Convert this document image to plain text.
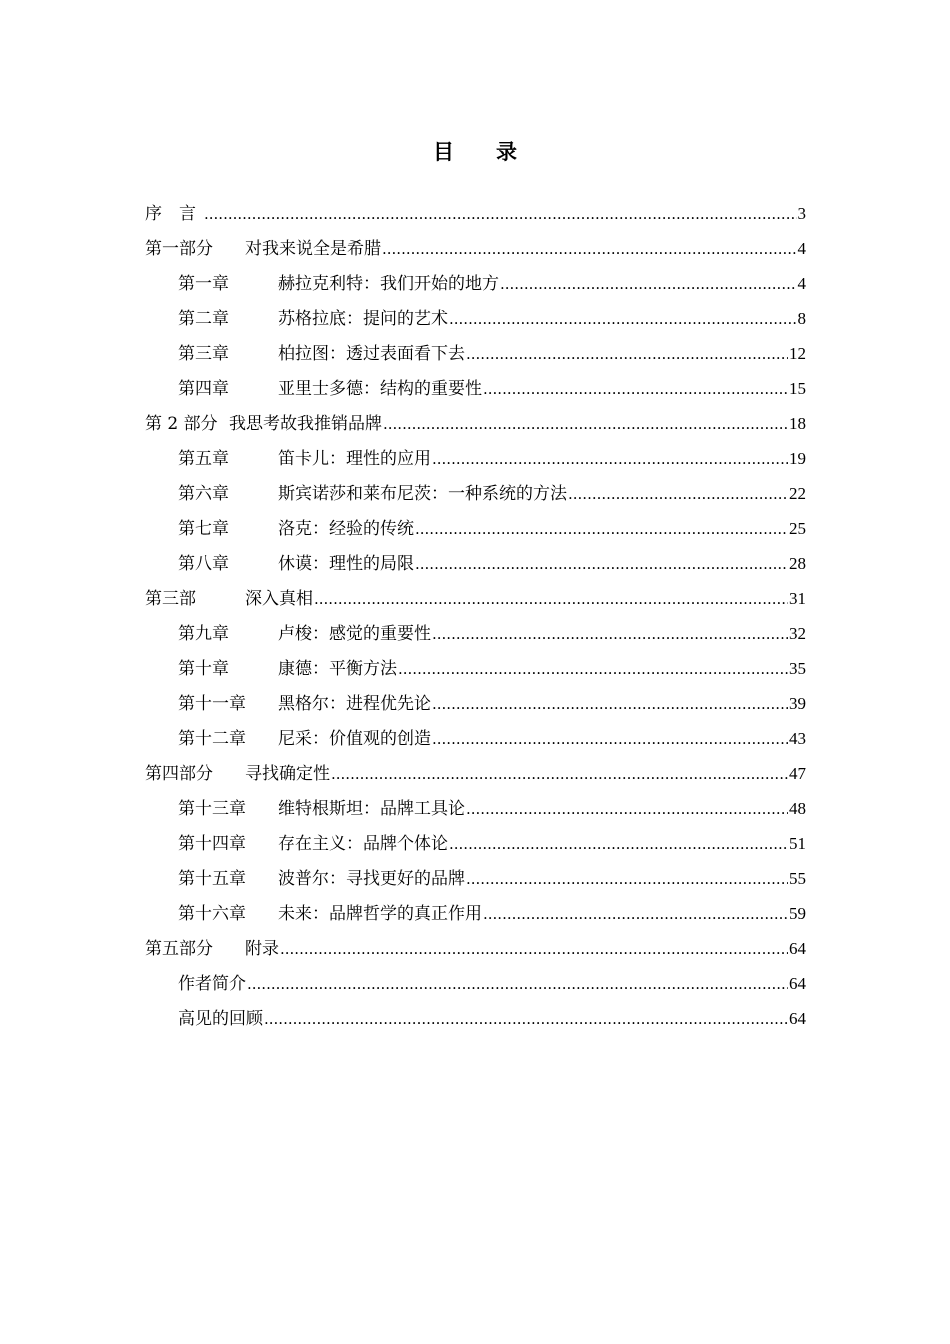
目 录
序　言 .....	3
第一部分	对我来说全是希腊 .....	4
第一章	赫拉克利特：我们开始的地方 .....	4
第二章	苏格拉底：提问的艺术 .....	8
第三章	柏拉图：透过表面看下去 .....	12
第四章	亚里士多德：结构的重要性 .....	15
第 2 部分 我思考故我推销品牌 .....	18
第五章	笛卡儿：理性的应用 .....	19
第六章	斯宾诺莎和莱布尼茨：一种系统的方法 .....	22
第七章	洛克：经验的传统 .....	25
第八章	休谟：理性的局限 .....	28
第三部	深入真相 .....	31
第九章	卢梭：感觉的重要性 .....	32
第十章	康德：平衡方法 .....	35
第十一章	黑格尔：进程优先论 .....	39
第十二章	尼采：价值观的创造 .....	43
第四部分	寻找确定性 .....	47
第十三章	维特根斯坦：品牌工具论 .....	48
第十四章	存在主义：品牌个体论 .....	51
第十五章	波普尔：寻找更好的品牌 .....	55
第十六章	未来：品牌哲学的真正作用 .....	59
第五部分	附录 .....	64
作者简介 .....	64
高见的回顾 .....	64
